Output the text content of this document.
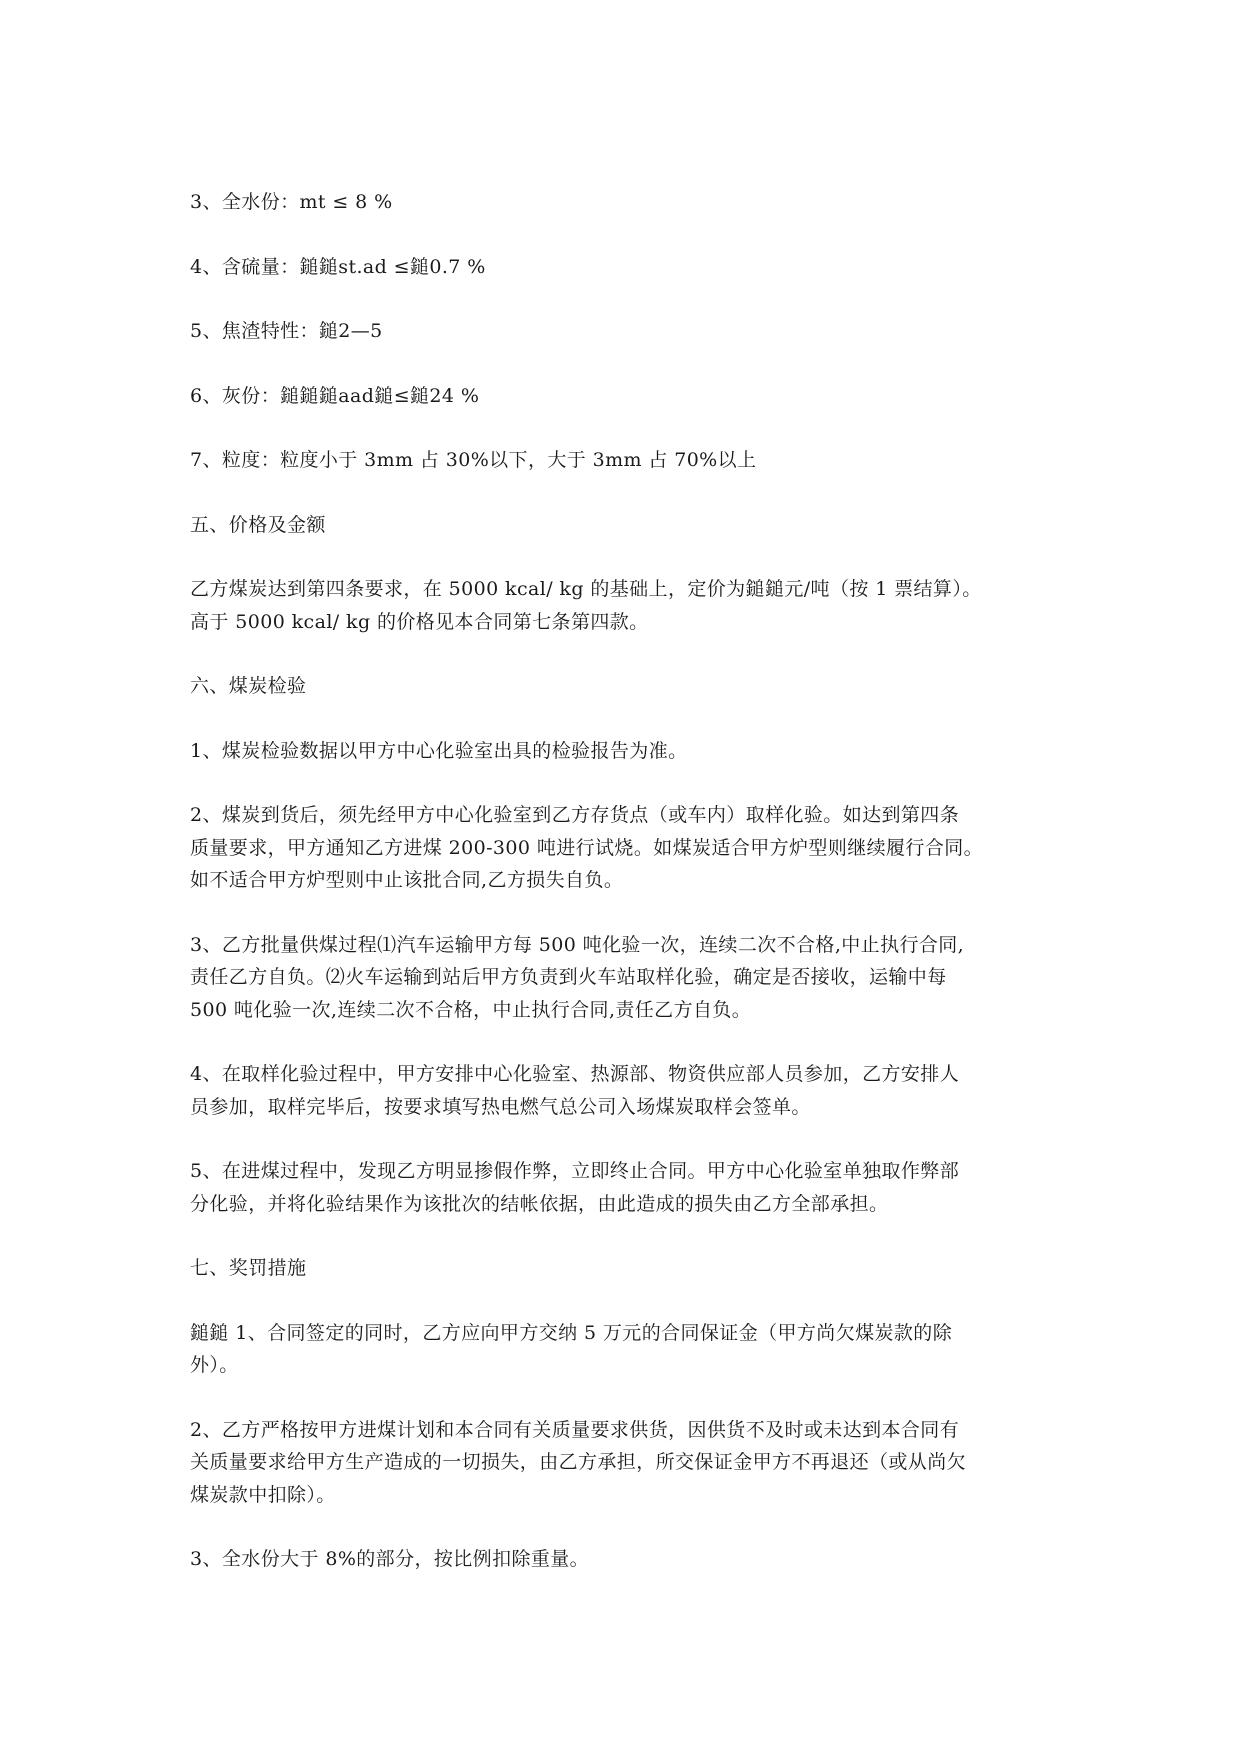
3、全水份：mt ≤ 8 %
4、含硫量：鎚鎚st.ad ≤鎚0.7 %
5、焦渣特性：鎚2—5
6、灰份：鎚鎚鎚aad鎚≤鎚24 %
7、粒度：粒度小于 3mm 占 30%以下，大于 3mm 占 70%以上
五、价格及金额
乙方煤炭达到第四条要求，在 5000 kcal/ kg 的基础上，定价为鎚鎚元/吨（按 1 票结算）。
高于 5000 kcal/ kg 的价格见本合同第七条第四款。
六、煤炭检验
1、煤炭检验数据以甲方中心化验室出具的检验报告为准。
2、煤炭到货后，须先经甲方中心化验室到乙方存货点（或车内）取样化验。如达到第四条
质量要求，甲方通知乙方进煤 200-300 吨进行试烧。如煤炭适合甲方炉型则继续履行合同。
如不适合甲方炉型则中止该批合同,乙方损失自负。
3、乙方批量供煤过程⑴汽车运输甲方每 500 吨化验一次，连续二次不合格,中止执行合同,
责任乙方自负。⑵火车运输到站后甲方负责到火车站取样化验，确定是否接收，运输中每
500 吨化验一次,连续二次不合格，中止执行合同,责任乙方自负。
4、在取样化验过程中，甲方安排中心化验室、热源部、物资供应部人员参加，乙方安排人
员参加，取样完毕后，按要求填写热电燃气总公司入场煤炭取样会签单。
5、在进煤过程中，发现乙方明显掺假作弊，立即终止合同。甲方中心化验室单独取作弊部
分化验，并将化验结果作为该批次的结帐依据，由此造成的损失由乙方全部承担。
七、奖罚措施
鎚鎚 1、合同签定的同时，乙方应向甲方交纳 5 万元的合同保证金（甲方尚欠煤炭款的除
外）。
2、乙方严格按甲方进煤计划和本合同有关质量要求供货，因供货不及时或未达到本合同有
关质量要求给甲方生产造成的一切损失，由乙方承担，所交保证金甲方不再退还（或从尚欠
煤炭款中扣除）。
3、全水份大于 8%的部分，按比例扣除重量。
